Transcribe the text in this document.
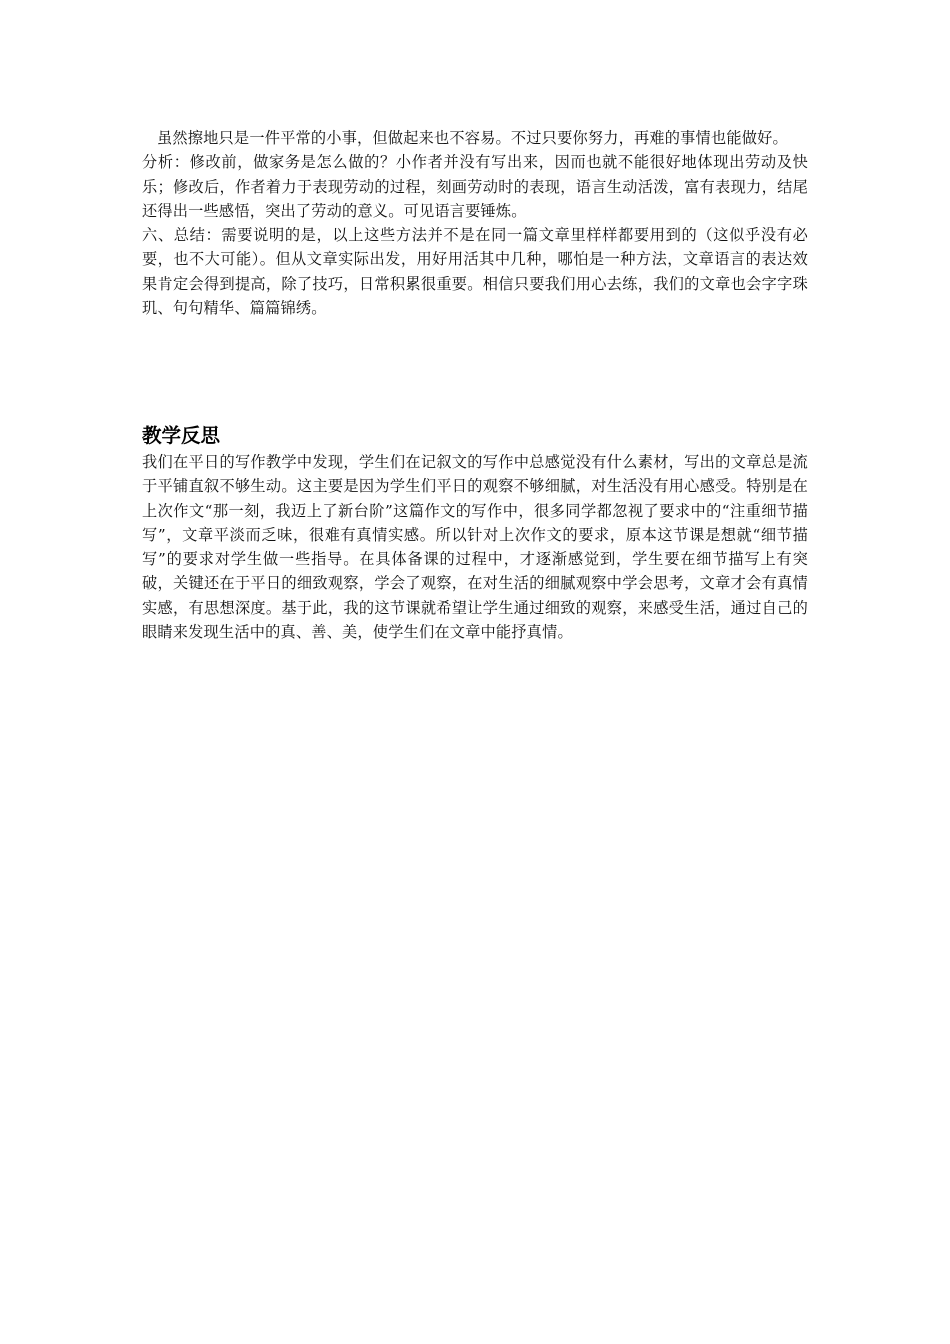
虽然擦地只是一件平常的小事，但做起来也不容易。不过只要你努力，再难的事情也能做好。

分析：修改前，做家务是怎么做的？小作者并没有写出来，因而也就不能很好地体现出劳动及快乐；修改后，作者着力于表现劳动的过程，刻画劳动时的表现，语言生动活泼，富有表现力，结尾还得出一些感悟，突出了劳动的意义。可见语言要锤炼。

六、总结：需要说明的是，以上这些方法并不是在同一篇文章里样样都要用到的（这似乎没有必要，也不大可能）。但从文章实际出发，用好用活其中几种，哪怕是一种方法，文章语言的表达效果肯定会得到提高，除了技巧，日常积累很重要。相信只要我们用心去练，我们的文章也会字字珠玑、句句精华、篇篇锦绣。

教学反思

我们在平日的写作教学中发现，学生们在记叙文的写作中总感觉没有什么素材，写出的文章总是流于平铺直叙不够生动。这主要是因为学生们平日的观察不够细腻，对生活没有用心感受。特别是在上次作文“那一刻，我迈上了新台阶”这篇作文的写作中，很多同学都忽视了要求中的“注重细节描写”，文章平淡而乏味，很难有真情实感。所以针对上次作文的要求，原本这节课是想就“细节描写”的要求对学生做一些指导。在具体备课的过程中，才逐渐感觉到，学生要在细节描写上有突破，关键还在于平日的细致观察，学会了观察，在对生活的细腻观察中学会思考，文章才会有真情实感，有思想深度。基于此，我的这节课就希望让学生通过细致的观察，来感受生活，通过自己的眼睛来发现生活中的真、善、美，使学生们在文章中能抒真情。
